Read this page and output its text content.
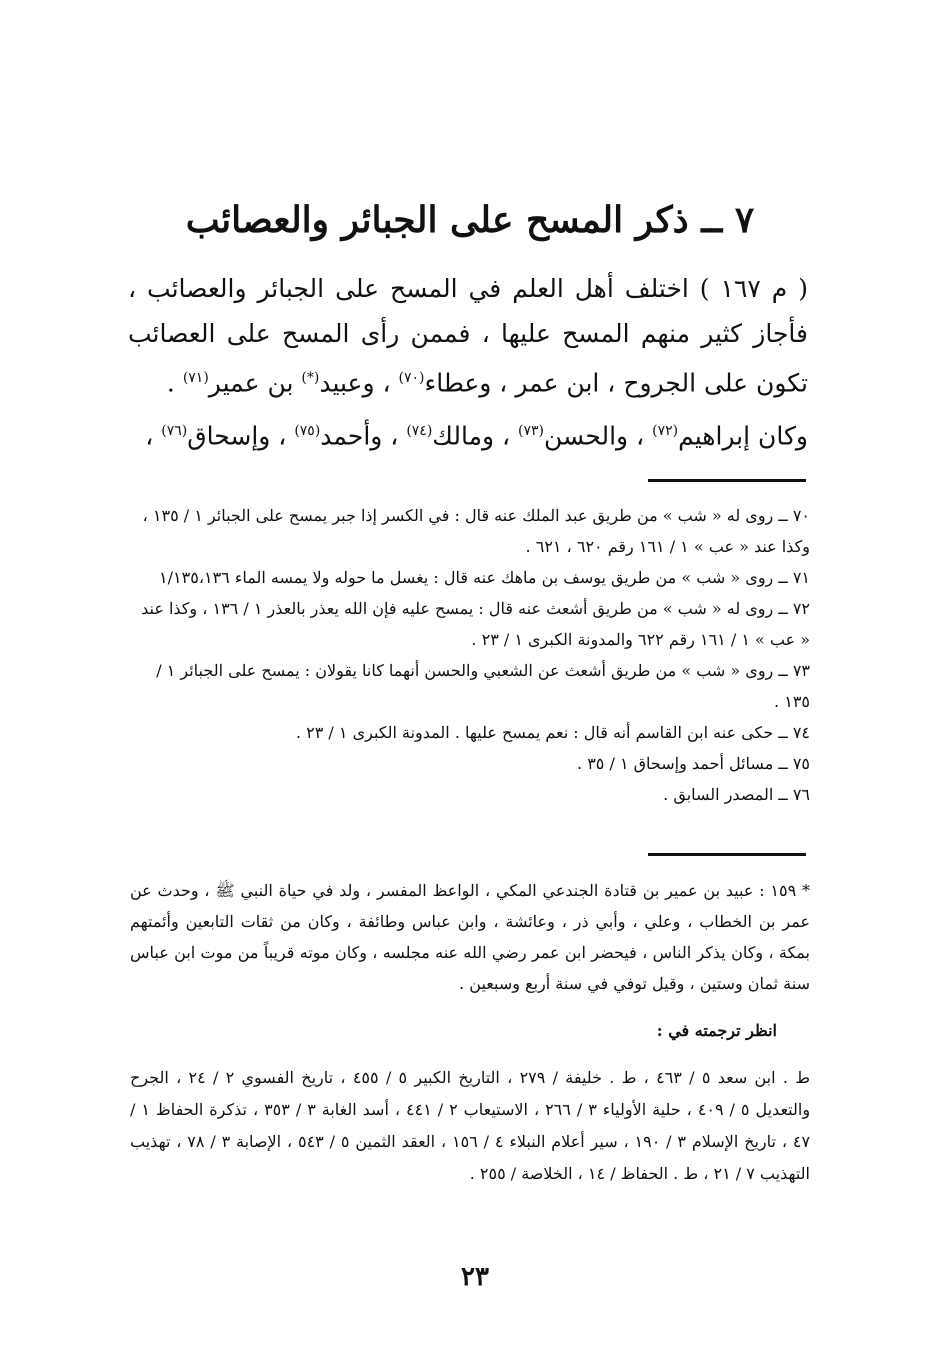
٧ ــ ذكر المسح على الجبائر والعصائب

( م ١٦٧ ) اختلف أهل العلم في المسح على الجبائر والعصائب ، فأجاز كثير منهم المسح عليها ، فممن رأى المسح على العصائب تكون على الجروح ، ابن عمر ، وعطاء$^{(٧٠)}$ ، وعبيد(*) بن عمير$^{(٧١)}$ .

وكان إبراهيم$^{(٧٢)}$ ، والحسن$^{(٧٣)}$ ، ومالك$^{(٧٤)}$ ، وأحمد$^{(٧٥)}$ ، وإسحاق$^{(٧٦)}$ ،

٧٠ ــ روى له « شب » من طريق عبد الملك عنه قال : في الكسر إذا جبر يمسح على الجبائر ١ / ١٣٥ ، وكذا عند « عب » ١ / ١٦١ رقم ٦٢٠ ، ٦٢١ .
٧١ ــ روى « شب » من طريق يوسف بن ماهك عنه قال : يغسل ما حوله ولا يمسه الماء ١/١٣٥،١٣٦
٧٢ ــ روى له « شب » من طريق أشعث عنه قال : يمسح عليه فإن الله يعذر بالعذر ١ / ١٣٦ ، وكذا عند « عب » ١ / ١٦١ رقم ٦٢٢ والمدونة الكبرى ١ / ٢٣ .
٧٣ ــ روى « شب » من طريق أشعث عن الشعبي والحسن أنهما كانا يقولان : يمسح على الجبائر ١ / ١٣٥ .
٧٤ ــ حكى عنه ابن القاسم أنه قال : نعم يمسح عليها . المدونة الكبرى ١ / ٢٣ .
٧٥ ــ مسائل أحمد وإسحاق ١ / ٣٥ .
٧٦ ــ المصدر السابق .

* ١٥٩ : عبيد بن عمير بن قتادة الجندعي المكي ، الواعظ المفسر ، ولد في حياة النبي ﷺ ، وحدث عن عمر بن الخطاب ، وعلي ، وأبي ذر ، وعائشة ، وابن عباس وطائفة ، وكان من ثقات التابعين وأئمتهم بمكة ، وكان يذكر الناس ، فيحضر ابن عمر رضي الله عنه مجلسه ، وكان موته قريباً من موت ابن عباس سنة ثمان وستين ، وقيل توفي في سنة أربع وسبعين .

انظر ترجمته في :

ط . ابن سعد ٥ / ٤٦٣ ، ط . خليفة / ٢٧٩ ، التاريخ الكبير ٥ / ٤٥٥ ، تاريخ الفسوي ٢ / ٢٤ ، الجرح والتعديل ٥ / ٤٠٩ ، حلية الأولياء ٣ / ٢٦٦ ، الاستيعاب ٢ / ٤٤١ ، أسد الغابة ٣ / ٣٥٣ ، تذكرة الحفاظ ١ / ٤٧ ، تاريخ الإسلام ٣ / ١٩٠ ، سير أعلام النبلاء ٤ / ١٥٦ ، العقد الثمين ٥ / ٥٤٣ ، الإصابة ٣ / ٧٨ ، تهذيب التهذيب ٧ / ٢١ ، ط . الحفاظ / ١٤ ، الخلاصة / ٢٥٥ .

٢٣
